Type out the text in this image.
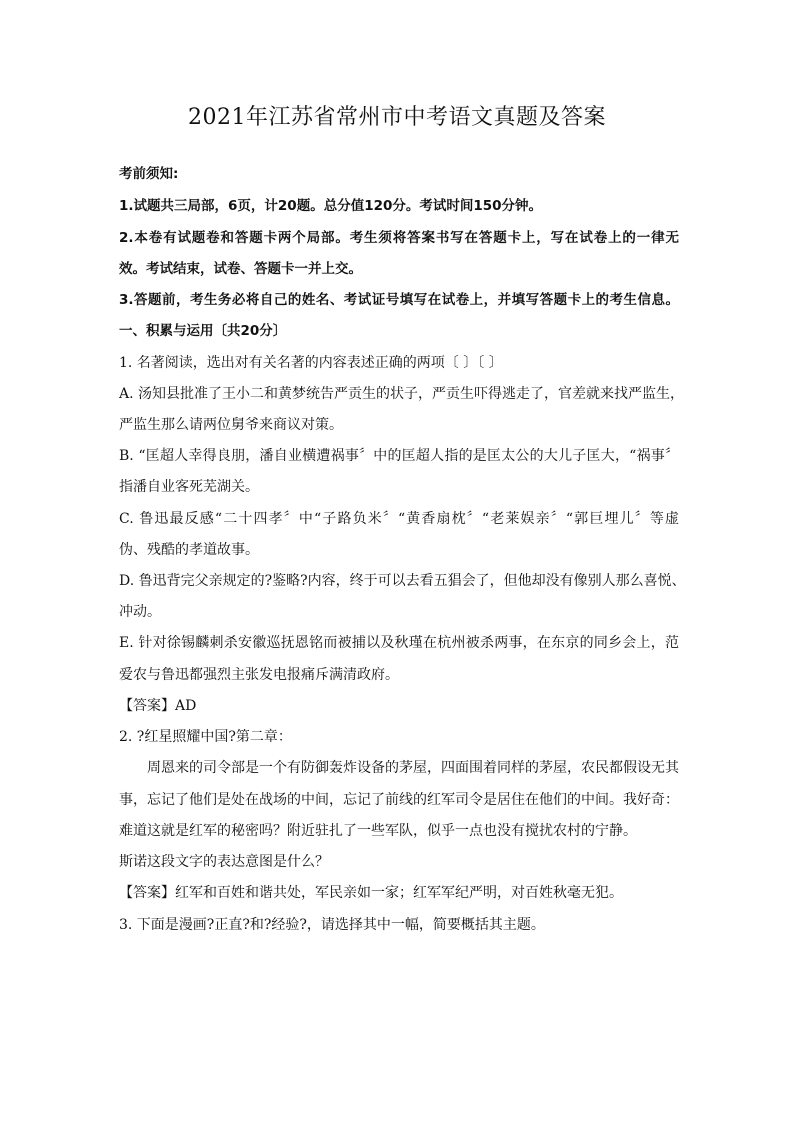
2021年江苏省常州市中考语文真题及答案
考前须知:
1.试题共三局部，6页，计20题。总分值120分。考试时间150分钟。
2.本卷有试题卷和答题卡两个局部。考生须将答案书写在答题卡上，写在试卷上的一律无
效。考试结束，试卷、答题卡一并上交。
3.答题前，考生务必将自己的姓名、考试证号填写在试卷上，并填写答题卡上的考生信息。
一、积累与运用〔共20分〕
1. 名著阅读，选出对有关名著的内容表述正确的两项〔 〕〔 〕
A. 汤知县批准了王小二和黄梦统告严贡生的状子，严贡生吓得逃走了，官差就来找严监生，
严监生那么请两位舅爷来商议对策。
B. “匡超人幸得良朋，潘自业横遭祸事〞中的匡超人指的是匡太公的大儿子匡大，“祸事〞
指潘自业客死芜湖关。
C. 鲁迅最反感“二十四孝〞中“子路负米〞“黄香扇枕〞“老莱娱亲〞“郭巨埋儿〞等虚
伪、残酷的孝道故事。
D. 鲁迅背完父亲规定的?鉴略?内容，终于可以去看五猖会了，但他却没有像别人那么喜悦、
冲动。
E. 针对徐锡麟刺杀安徽巡抚恩铭而被捕以及秋瑾在杭州被杀两事，在东京的同乡会上，范
爱农与鲁迅都强烈主张发电报痛斥满清政府。
【答案】AD
2. ?红星照耀中国?第二章：
周恩来的司令部是一个有防御轰炸设备的茅屋，四面围着同样的茅屋，农民都假设无其
事，忘记了他们是处在战场的中间，忘记了前线的红军司令是居住在他们的中间。我好奇：
难道这就是红军的秘密吗？附近驻扎了一些军队，似乎一点也没有搅扰农村的宁静。
斯诺这段文字的表达意图是什么？
【答案】红军和百姓和谐共处，军民亲如一家；红军军纪严明，对百姓秋毫无犯。
3. 下面是漫画?正直?和?经验?，请选择其中一幅，简要概括其主题。
